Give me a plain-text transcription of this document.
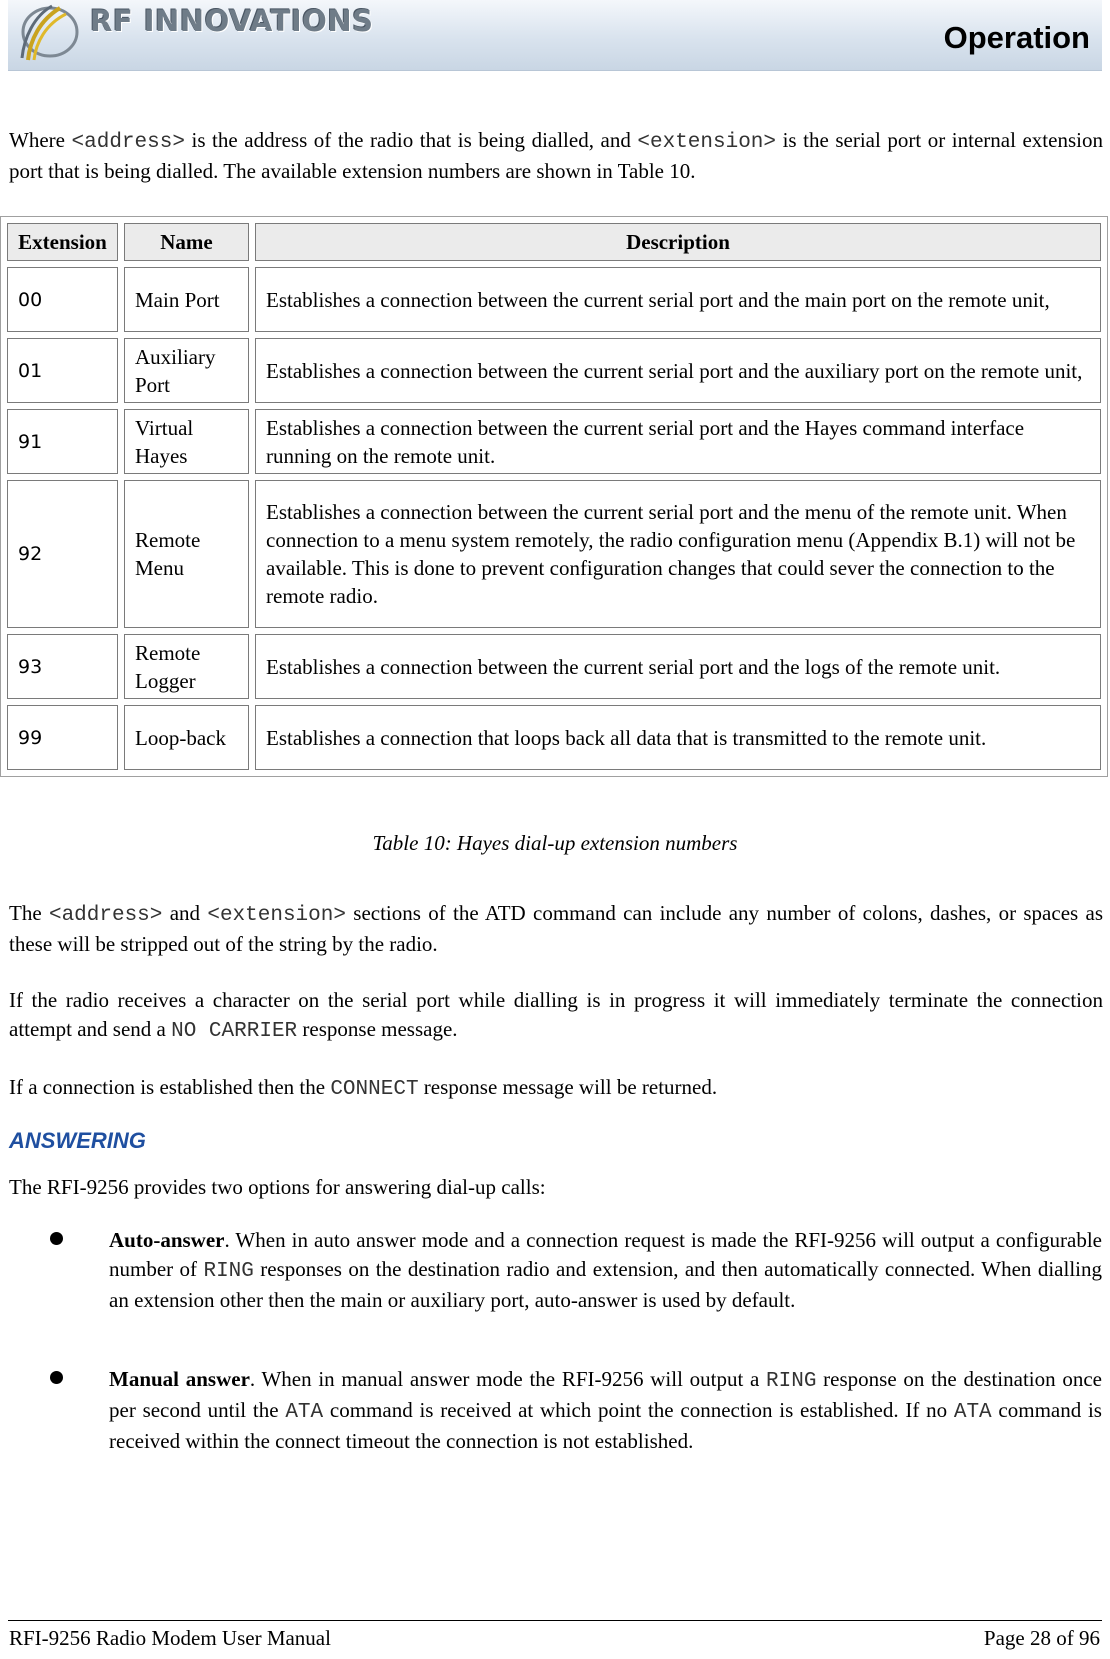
RF INNOVATIONS	Operation

Where <address> is the address of the radio that is being dialled, and <extension> is the serial port or internal extension port that is being dialled. The available extension numbers are shown in Table 10.

Extension	Name	Description
00	Main Port	Establishes a connection between the current serial port and the main port on the remote unit,
01	Auxiliary Port	Establishes a connection between the current serial port and the auxiliary port on the remote unit,
91	Virtual Hayes	Establishes a connection between the current serial port and the Hayes command interface running on the remote unit.
92	Remote Menu	Establishes a connection between the current serial port and the menu of the remote unit. When connection to a menu system remotely, the radio configuration menu (Appendix B.1) will not be available. This is done to prevent configuration changes that could sever the connection to the remote radio.
93	Remote Logger	Establishes a connection between the current serial port and the logs of the remote unit.
99	Loop-back	Establishes a connection that loops back all data that is transmitted to the remote unit.
Table 10: Hayes dial-up extension numbers

The <address> and <extension> sections of the ATD command can include any number of colons, dashes, or spaces as these will be stripped out of the string by the radio.

If the radio receives a character on the serial port while dialling is in progress it will immediately terminate the connection attempt and send a NO CARRIER response message.

If a connection is established then the CONNECT response message will be returned.

ANSWERING

The RFI-9256 provides two options for answering dial-up calls:

Auto-answer. When in auto answer mode and a connection request is made the RFI-9256 will output a configurable number of RING responses on the destination radio and extension, and then automatically connected. When dialling an extension other then the main or auxiliary port, auto-answer is used by default.

Manual answer. When in manual answer mode the RFI-9256 will output a RING response on the destination once per second until the ATA command is received at which point the connection is established. If no ATA command is received within the connect timeout the connection is not established.

RFI-9256 Radio Modem User Manual	Page 28 of 96
